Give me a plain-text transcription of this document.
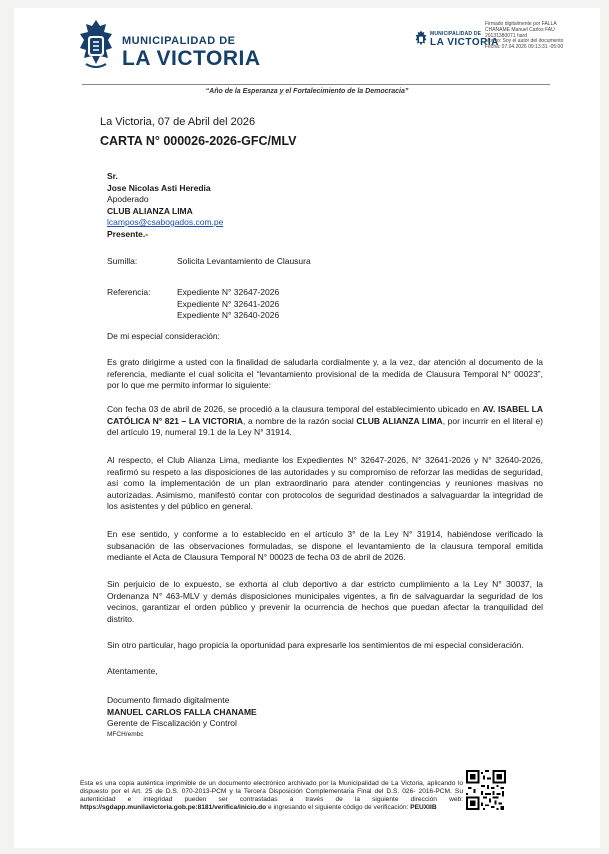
MUNICIPALIDAD DE
LA VICTORIA
MUNICIPALIDAD DE
LA VICTORIA
Firmado digitalmente por FALLA
CHANAME Manuel Carlos FAU
20131380071 hard
Motivo: Soy el autor del documento
Fecha: 07.04.2026 09:13:31 -05:00
“Año de la Esperanza y el Fortalecimiento de la Democracia”
La Victoria, 07 de Abril del 2026
CARTA N° 000026-2026-GFC/MLV
Sr.
Jose Nicolas Asti Heredia
Apoderado
CLUB ALIANZA LIMA
lcampos@csabogados.com.pe
Presente.-
Sumilla:	Solicita Levantamiento de Clausura
Referencia:	Expediente N° 32647-2026
Expediente N° 32641-2026
Expediente N° 32640-2026
De mi especial consideración:
Es grato dirigirme a usted con la finalidad de saludarla cordialmente y, a la vez, dar atención al documento de la referencia, mediante el cual solicita el “levantamiento provisional de la medida de Clausura Temporal N° 00023”, por lo que me permito informar lo siguiente:
Con fecha 03 de abril de 2026, se procedió a la clausura temporal del establecimiento ubicado en AV. ISABEL LA CATÓLICA N° 821 – LA VICTORIA, a nombre de la razón social CLUB ALIANZA LIMA, por incurrir en el literal e) del artículo 19, numeral 19.1 de la Ley N° 31914.
Al respecto, el Club Alianza Lima, mediante los Expedientes N° 32647-2026, N° 32641-2026 y N° 32640-2026, reafirmó su respeto a las disposiciones de las autoridades y su compromiso de reforzar las medidas de seguridad, así como la implementación de un plan extraordinario para atender contingencias y reuniones masivas no autorizadas. Asimismo, manifestó contar con protocolos de seguridad destinados a salvaguardar la integridad de los asistentes y del público en general.
En ese sentido, y conforme a lo establecido en el artículo 3° de la Ley N° 31914, habiéndose verificado la subsanación de las observaciones formuladas, se dispone el levantamiento de la clausura temporal emitida mediante el Acta de Clausura Temporal N° 00023 de fecha 03 de abril de 2026.
Sin perjuicio de lo expuesto, se exhorta al club deportivo a dar estricto cumplimiento a la Ley N° 30037, la Ordenanza N° 463-MLV y demás disposiciones municipales vigentes, a fin de salvaguardar la seguridad de los vecinos, garantizar el orden público y prevenir la ocurrencia de hechos que puedan afectar la tranquilidad del distrito.
Sin otro particular, hago propicia la oportunidad para expresarle los sentimientos de mi especial consideración.
Atentamente,
Documento firmado digitalmente
MANUEL CARLOS FALLA CHANAME
Gerente de Fiscalización y Control
MFCH/embc
Esta es una copia auténtica imprimible de un documento electrónico archivado por la Municipalidad de La Victoria, aplicando lo dispuesto por el Art. 25 de D.S. 070-2013-PCM y la Tercera Disposición Complementaria Final del D.S. 026- 2016-PCM. Su autenticidad e integridad pueden ser contrastadas a través de la siguiente dirección web: https://sgdapp.munilavictoria.gob.pe:8181/verifica/inicio.do e ingresando el siguiente código de verificación: PEUXIIB
